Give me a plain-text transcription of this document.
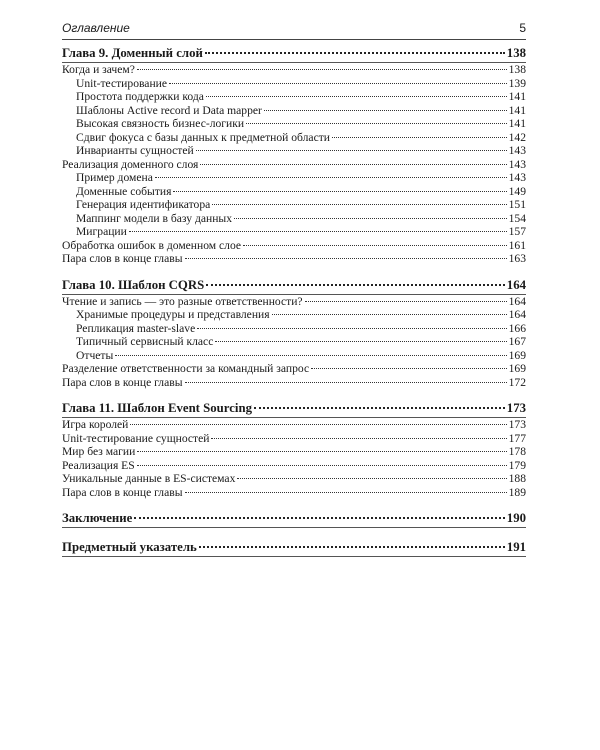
Оглавление	5
Глава 9. Доменный слой	138
Когда и зачем?	138
Unit-тестирование	139
Простота поддержки кода	141
Шаблоны Active record и Data mapper	141
Высокая связность бизнес-логики	141
Сдвиг фокуса с базы данных к предметной области	142
Инварианты сущностей	143
Реализация доменного слоя	143
Пример домена	143
Доменные события	149
Генерация идентификатора	151
Маппинг модели в базу данных	154
Миграции	157
Обработка ошибок в доменном слое	161
Пара слов в конце главы	163
Глава 10. Шаблон CQRS	164
Чтение и запись — это разные ответственности?	164
Хранимые процедуры и представления	164
Репликация master-slave	166
Типичный сервисный класс	167
Отчеты	169
Разделение ответственности за командный запрос	169
Пара слов в конце главы	172
Глава 11. Шаблон Event Sourcing	173
Игра королей	173
Unit-тестирование сущностей	177
Мир без магии	178
Реализация ES	179
Уникальные данные в ES-системах	188
Пара слов в конце главы	189
Заключение	190
Предметный указатель	191
